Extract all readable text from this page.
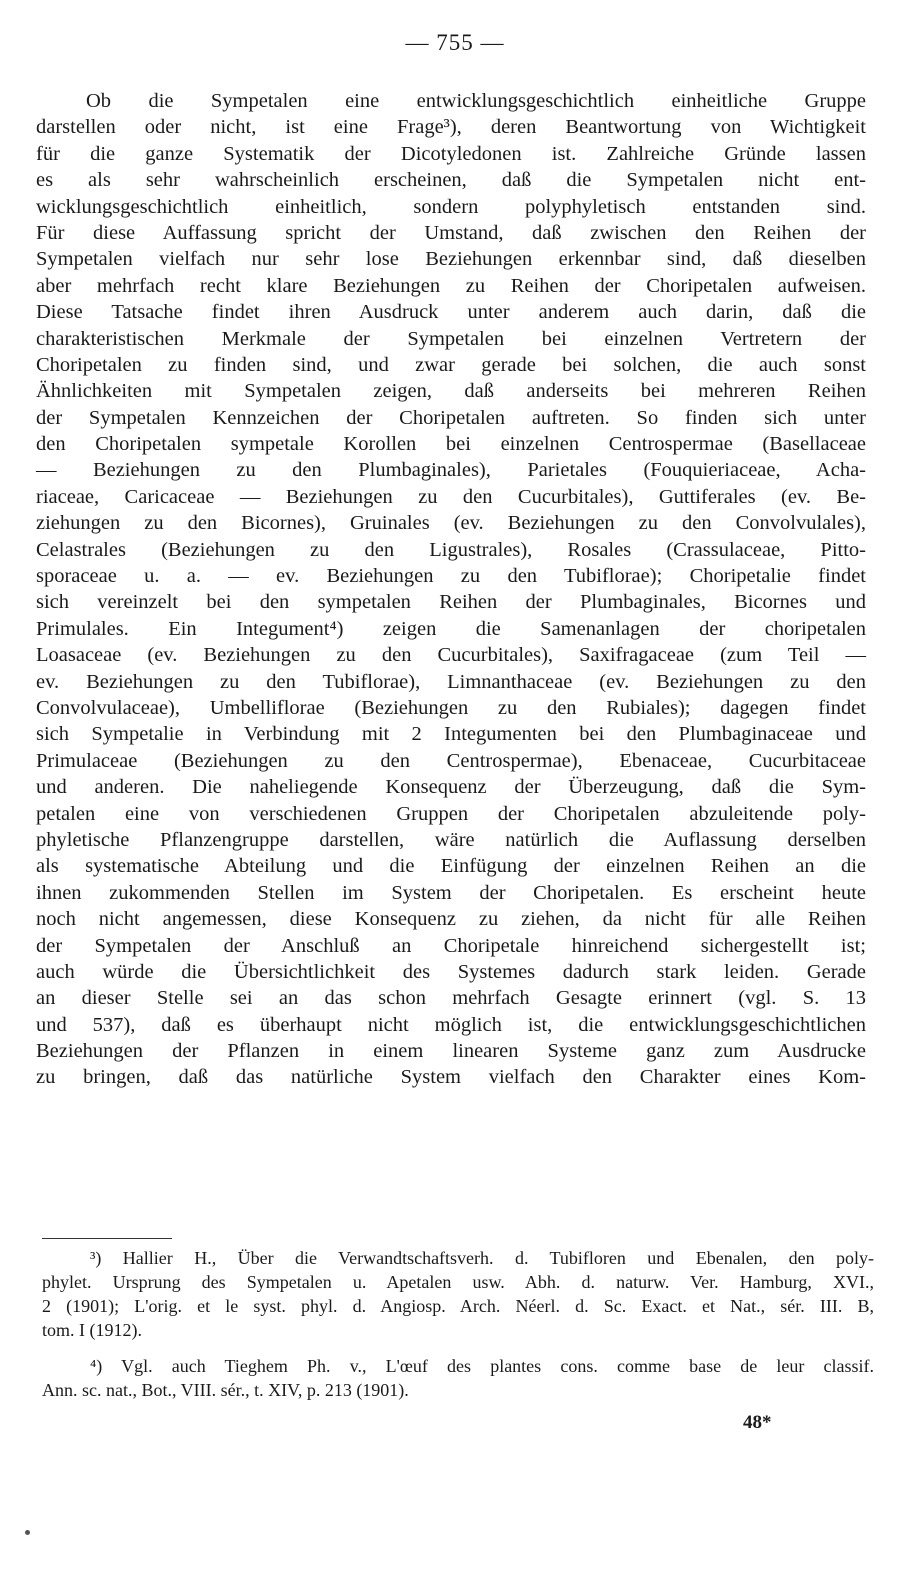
— 755 —
Ob die Sympetalen eine entwicklungsgeschichtlich einheitliche Gruppe
darstellen oder nicht, ist eine Frage³), deren Beantwortung von Wichtigkeit
für die ganze Systematik der Dicotyledonen ist. Zahlreiche Gründe lassen
es als sehr wahrscheinlich erscheinen, daß die Sympetalen nicht ent-
wicklungsgeschichtlich einheitlich, sondern polyphyletisch entstanden sind.
Für diese Auffassung spricht der Umstand, daß zwischen den Reihen der
Sympetalen vielfach nur sehr lose Beziehungen erkennbar sind, daß dieselben
aber mehrfach recht klare Beziehungen zu Reihen der Choripetalen aufweisen.
Diese Tatsache findet ihren Ausdruck unter anderem auch darin, daß die
charakteristischen Merkmale der Sympetalen bei einzelnen Vertretern der
Choripetalen zu finden sind, und zwar gerade bei solchen, die auch sonst
Ähnlichkeiten mit Sympetalen zeigen, daß anderseits bei mehreren Reihen
der Sympetalen Kennzeichen der Choripetalen auftreten. So finden sich unter
den Choripetalen sympetale Korollen bei einzelnen Centrospermae (Basellaceae
— Beziehungen zu den Plumbaginales), Parietales (Fouquieriaceae, Acha-
riaceae, Caricaceae — Beziehungen zu den Cucurbitales), Guttiferales (ev. Be-
ziehungen zu den Bicornes), Gruinales (ev. Beziehungen zu den Convolvulales),
Celastrales (Beziehungen zu den Ligustrales), Rosales (Crassulaceae, Pitto-
sporaceae u. a. — ev. Beziehungen zu den Tubiflorae); Choripetalie findet
sich vereinzelt bei den sympetalen Reihen der Plumbaginales, Bicornes und
Primulales. Ein Integument⁴) zeigen die Samenanlagen der choripetalen
Loasaceae (ev. Beziehungen zu den Cucurbitales), Saxifragaceae (zum Teil —
ev. Beziehungen zu den Tubiflorae), Limnanthaceae (ev. Beziehungen zu den
Convolvulaceae), Umbelliflorae (Beziehungen zu den Rubiales); dagegen findet
sich Sympetalie in Verbindung mit 2 Integumenten bei den Plumbaginaceae und
Primulaceae (Beziehungen zu den Centrospermae), Ebenaceae, Cucurbitaceae
und anderen. Die naheliegende Konsequenz der Überzeugung, daß die Sym-
petalen eine von verschiedenen Gruppen der Choripetalen abzuleitende poly-
phyletische Pflanzengruppe darstellen, wäre natürlich die Auflassung derselben
als systematische Abteilung und die Einfügung der einzelnen Reihen an die
ihnen zukommenden Stellen im System der Choripetalen. Es erscheint heute
noch nicht angemessen, diese Konsequenz zu ziehen, da nicht für alle Reihen
der Sympetalen der Anschluß an Choripetale hinreichend sichergestellt ist;
auch würde die Übersichtlichkeit des Systemes dadurch stark leiden. Gerade
an dieser Stelle sei an das schon mehrfach Gesagte erinnert (vgl. S. 13
und 537), daß es überhaupt nicht möglich ist, die entwicklungsgeschichtlichen
Beziehungen der Pflanzen in einem linearen Systeme ganz zum Ausdrucke
zu bringen, daß das natürliche System vielfach den Charakter eines Kom-
³) Hallier H., Über die Verwandtschaftsverh. d. Tubifloren und Ebenalen, den poly-
phylet. Ursprung des Sympetalen u. Apetalen usw. Abh. d. naturw. Ver. Hamburg, XVI.,
2 (1901); L'orig. et le syst. phyl. d. Angiosp. Arch. Néerl. d. Sc. Exact. et Nat., sér. III. B,
tom. I (1912).
⁴) Vgl. auch Tieghem Ph. v., L'œuf des plantes cons. comme base de leur classif.
Ann. sc. nat., Bot., VIII. sér., t. XIV, p. 213 (1901).
48*
